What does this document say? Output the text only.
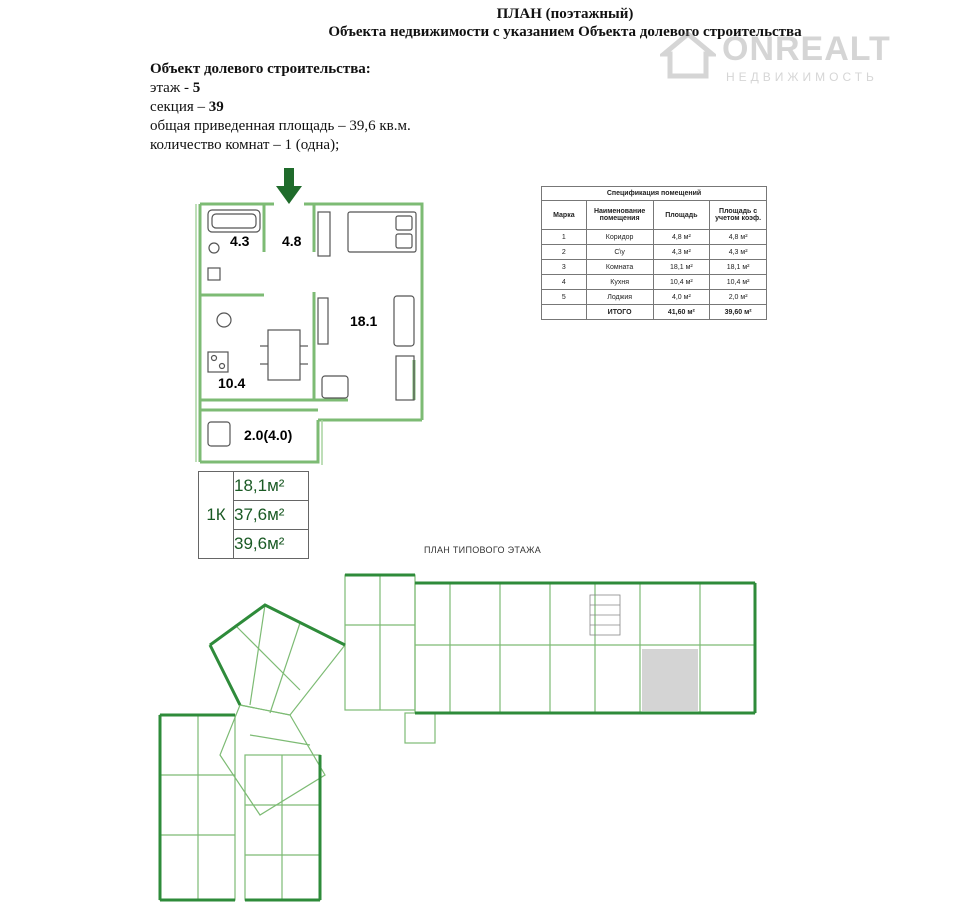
ПЛАН (поэтажный)
Объекта недвижимости с указанием Объекта долевого строительства
ONREALT
НЕДВИЖИМОСТЬ
Объект долевого строительства:
этаж - 5
секция – 39
общая приведенная площадь – 39,6 кв.м.
количество комнат – 1 (одна);
Спецификация помещений			
Марка	Наименование помещения	Площадь	Площадь с учетом коэф.
1	Коридор	4,8 м²	4,8 м²
2	С\у	4,3 м²	4,3 м²
3	Комната	18,1 м²	18,1 м²
4	Кухня	10,4 м²	10,4 м²
5	Лоджия	4,0 м²	2,0 м²
	ИТОГО	41,60 м²	39,60 м²
4.3 4.8
18.1
10.4
2.0(4.0)
1К
18,1м²
37,6м²
39,6м²	ПЛАН ТИПОВОГО ЭТАЖА
